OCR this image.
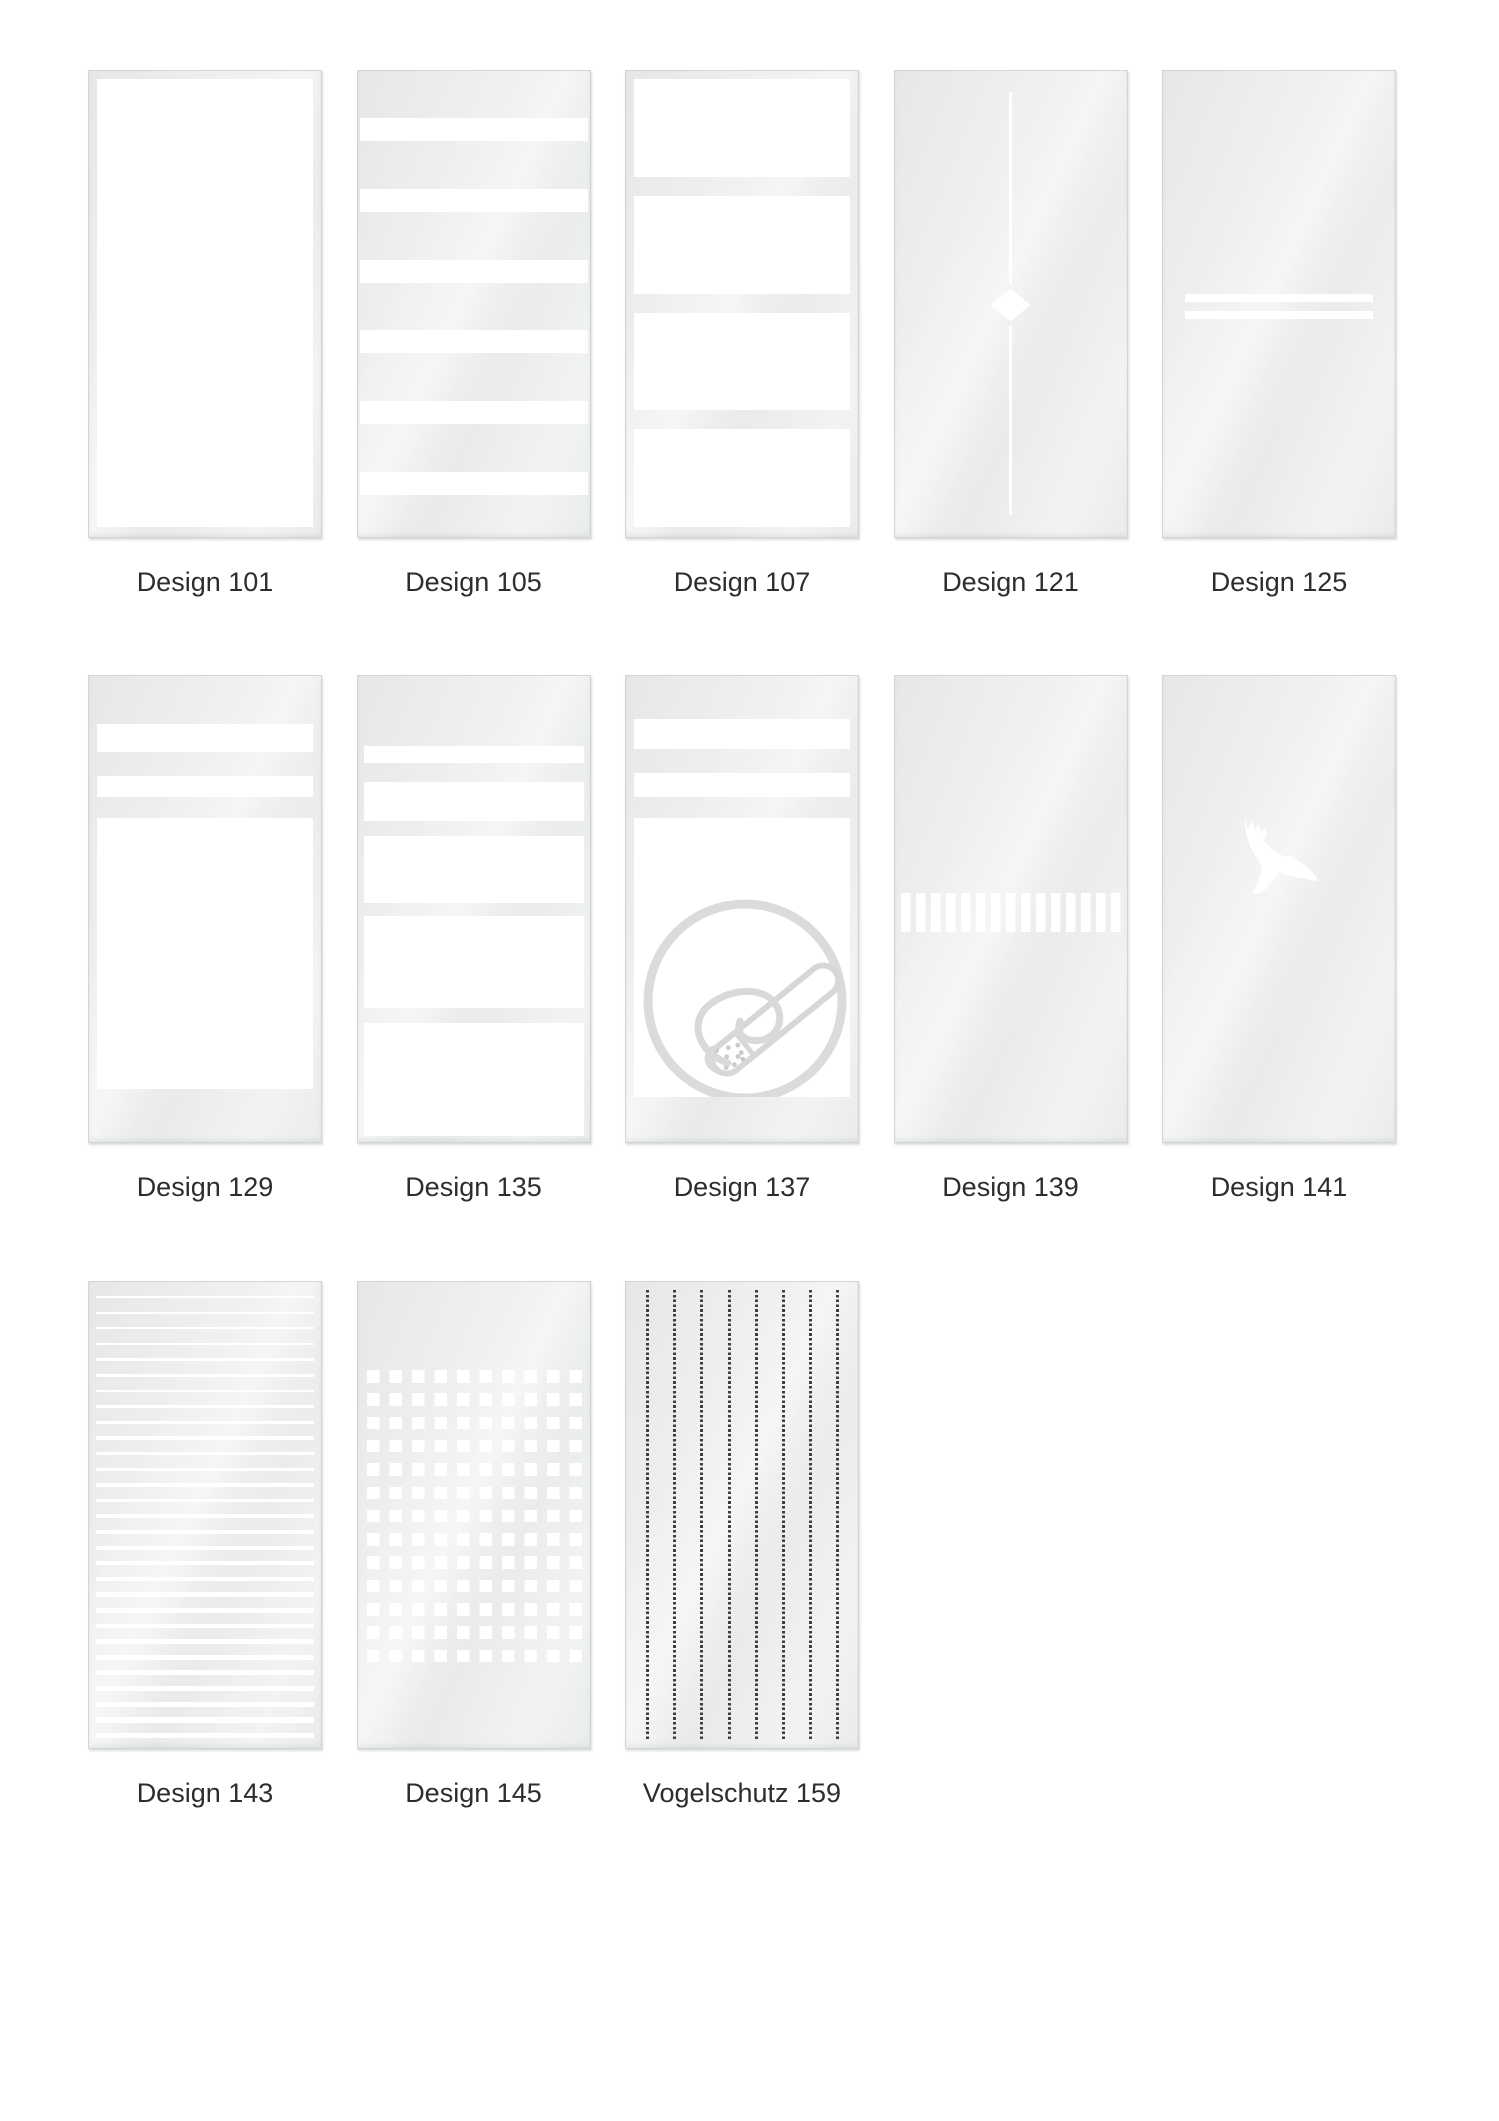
Design 101	Design 105	Design 107	Design 121	Design 125
Design 129	Design 135	Design 137	Design 139	Design 141
Design 143	Design 145	Vogelschutz 159
